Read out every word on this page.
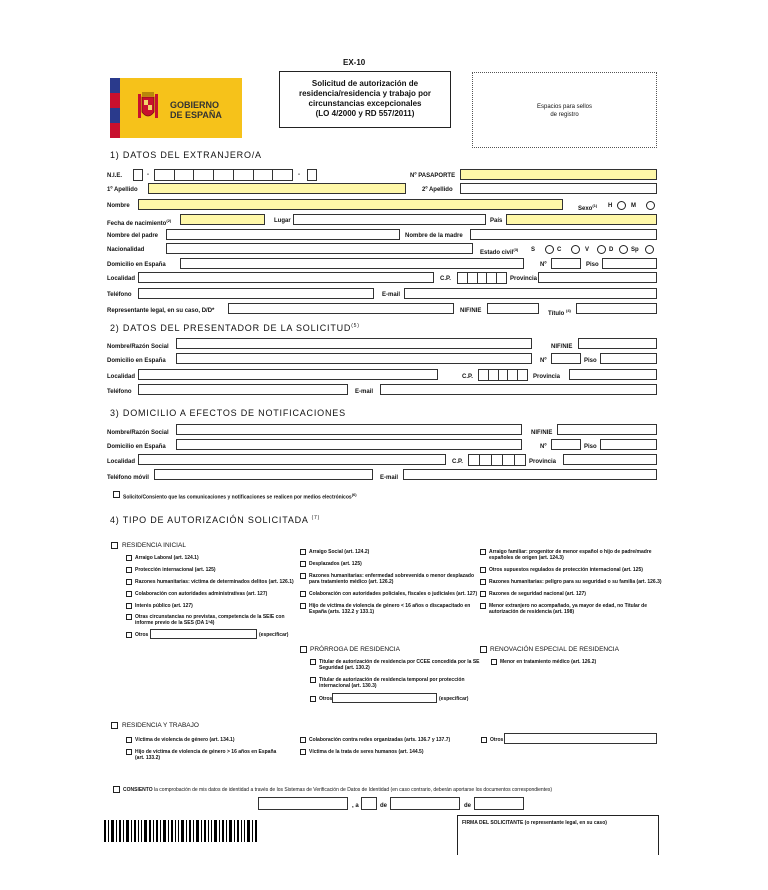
GOBIERNO
DE ESPAÑA
EX-10
Solicitud de autorización de
residencia/residencia y trabajo por
circunstancias excepcionales
(LO 4/2000 y RD 557/2011)
Espacios para sellos
de registro
1) DATOS DEL EXTRANJERO/A
N.I.E.	-	-	Nº PASAPORTE
1º Apellido	2º Apellido
Nombre	Sexo$^{(1)}$ H	M
Fecha de nacimiento$^{(2)}$	Lugar	País
Nombre del padre	Nombre de la madre
Nacionalidad	Estado civil$^{(3)}$ S	C	V	D	Sp
Domicilio en España	Nº	Piso
Localidad	C.P.	Provincia
Teléfono	E-mail
Representante legal, en su caso, D/D*	NIF/NIE	Título $^{(4)}$
2) DATOS DEL PRESENTADOR DE LA SOLICITUD$^{(5)}$
Nombre/Razón Social	NIF/NIE
Domicilio en España	Nº	Piso
Localidad	C.P.	Provincia
Teléfono	E-mail
3) DOMICILIO A EFECTOS DE NOTIFICACIONES
Nombre/Razón Social	NIF/NIE
Domicilio en España	Nº	Piso
Localidad	C.P.	Provincia
Teléfono móvil	E-mail
Solicito/Consiento que las comunicaciones y notificaciones se realicen por medios electrónicos$^{(6)}$
4) TIPO DE AUTORIZACIÓN SOLICITADA $^{(7)}$
RESIDENCIA INICIAL
Arraigo Laboral (art. 124.1)
Protección internacional (art. 125)
Razones humanitarias: víctima de determinados delitos (art. 126.1)
Colaboración con autoridades administrativas (art. 127)
Interés público (art. 127)
Otras circunstancias no previstas, competencia de la SEIE con
informe previo de la SES (DA 1ª4)
Otros	(especificar)
Arraigo Social (art. 124.2)
Desplazados (art. 125)
Razones humanitarias: enfermedad sobrevenida o menor desplazado
para tratamiento médico (art. 126.2)
Colaboración con autoridades policiales, fiscales o judiciales (art. 127)
Hijo de víctima de violencia de género < 16 años o discapacitado en
España (arts. 132.2 y 133.1)
Arraigo familiar: progenitor de menor español o hijo de padre/madre
españoles de origen (art. 124.3)
Otros supuestos regulados de protección internacional (art. 125)
Razones humanitarias: peligro para su seguridad o su familia (art. 126.3)
Razones de seguridad nacional (art. 127)
Menor extranjero no acompañado, ya mayor de edad, no Titular de
autorización de residencia (art. 198)
PRÓRROGA DE RESIDENCIA
Titular de autorización de residencia por CCEE concedida por la SE
Seguridad (art. 130.2)
Titular de autorización de residencia temporal por protección
internacional (art. 130.3)
Otros	(especificar)
RENOVACIÓN ESPECIAL DE RESIDENCIA
Menor en tratamiento médico (art. 126.2)
RESIDENCIA Y TRABAJO
Víctima de violencia de género (art. 134.1)
Hijo de víctima de violencia de género > 16 años en España
(art. 133.2)
Colaboración contra redes organizadas (arts. 136.7 y 137.7)
Víctima de la trata de seres humanos (art. 144.5)
Otros
CONSIENTO la comprobación de mis datos de identidad a través de los Sistemas de Verificación de Datos de Identidad (en caso contrario, deberán aportarse los documentos correspondientes)
, a	de	de
FIRMA DEL SOLICITANTE (o representante legal, en su caso)
